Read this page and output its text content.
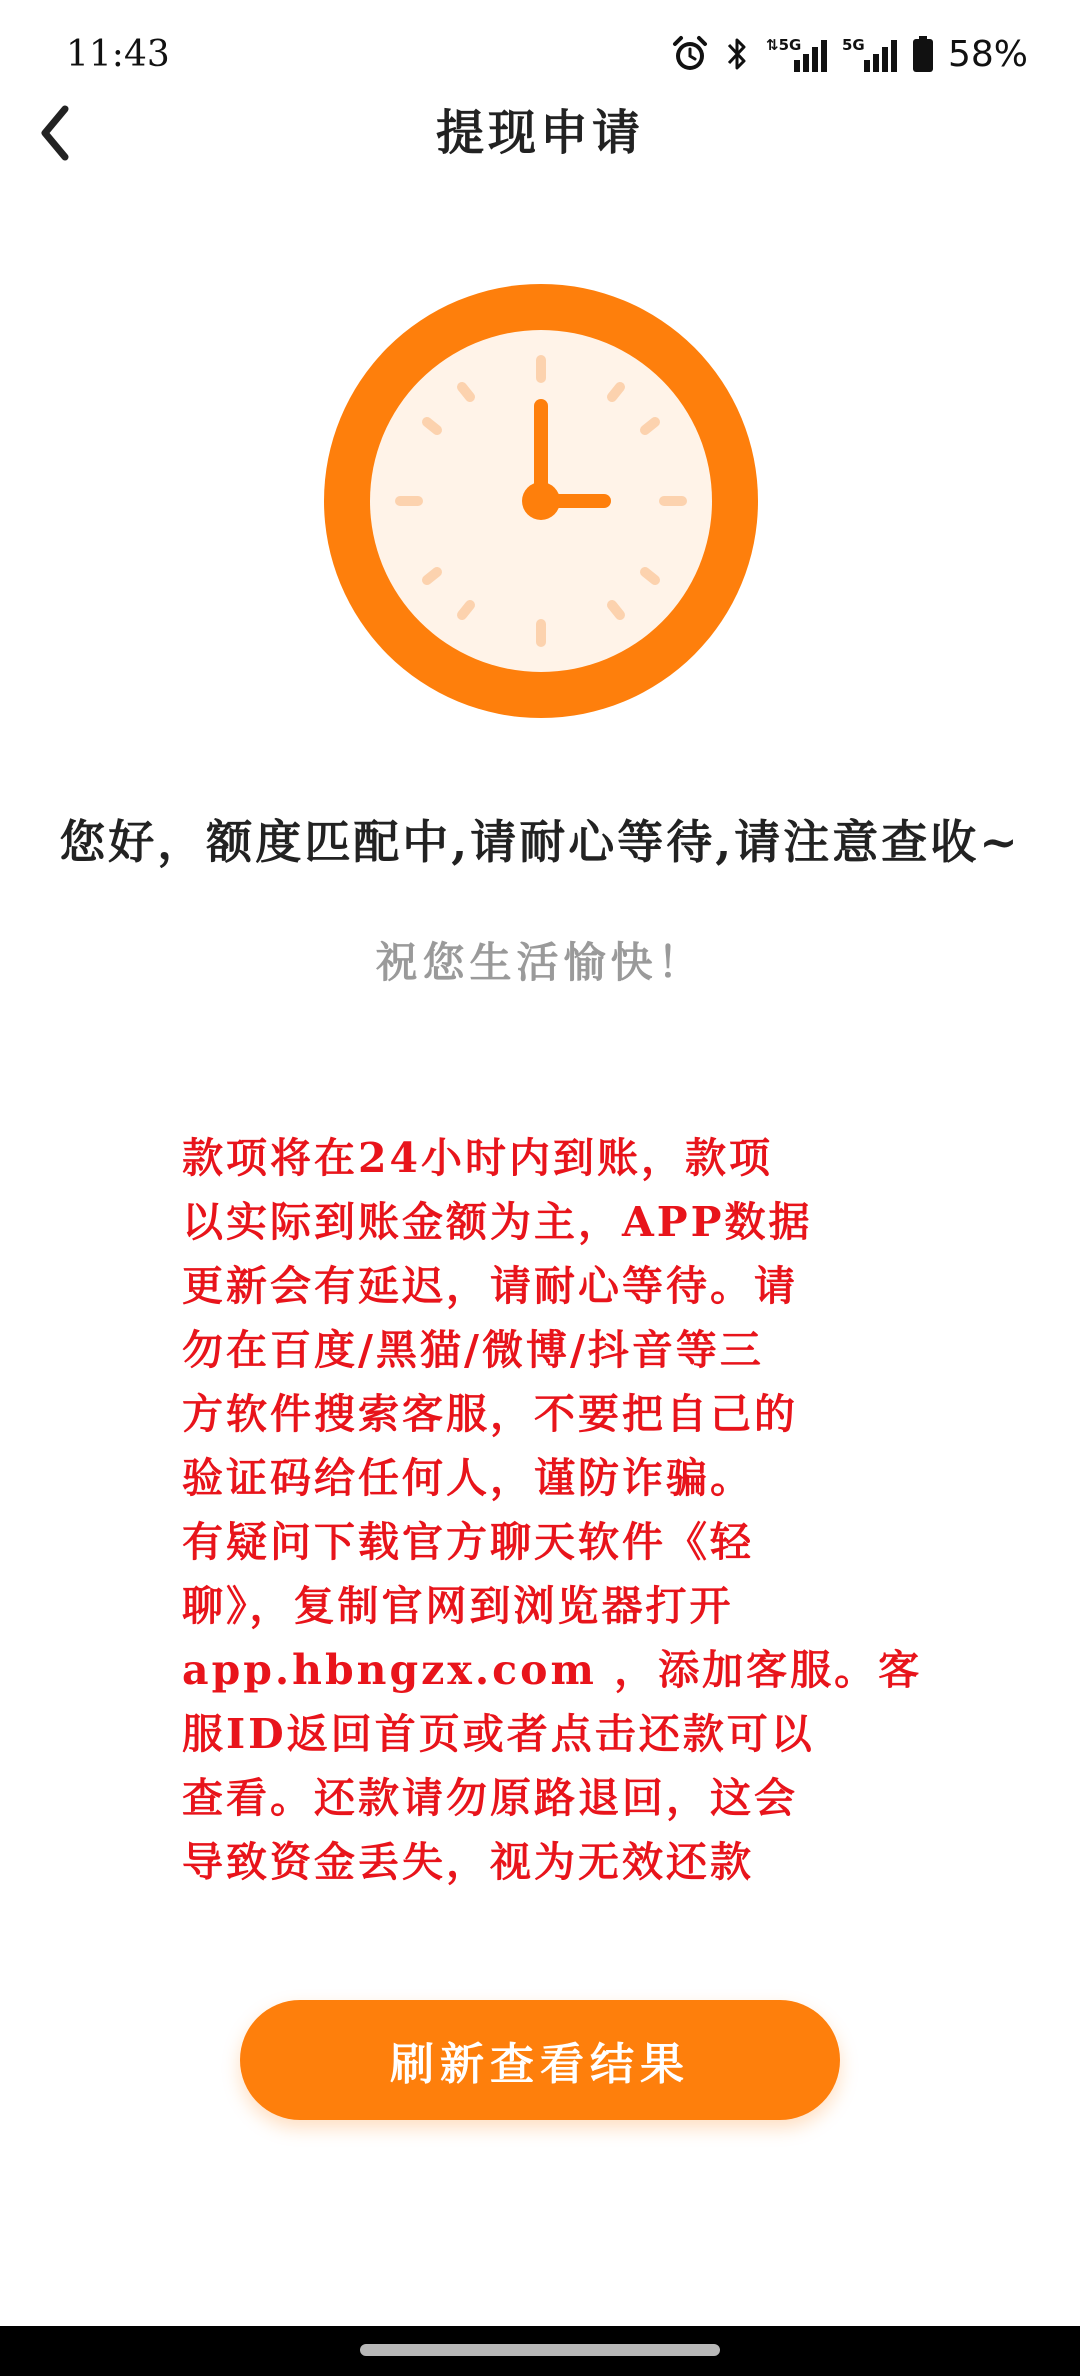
11:43	⇅5G	5G 58%
提现申请
您好，额度匹配中,请耐心等待,请注意查收~
祝您生活愉快！
款项将在24小时内到账，款项
以实际到账金额为主，APP数据
更新会有延迟，请耐心等待。请
勿在百度/黑猫/微博/抖音等三
方软件搜索客服，不要把自己的
验证码给任何人，谨防诈骗。
有疑问下载官方聊天软件《轻
聊》，复制官网到浏览器打开
app.hbngzx.com ，添加客服。客
服ID返回首页或者点击还款可以
查看。还款请勿原路退回，这会
导致资金丢失，视为无效还款
刷新查看结果
